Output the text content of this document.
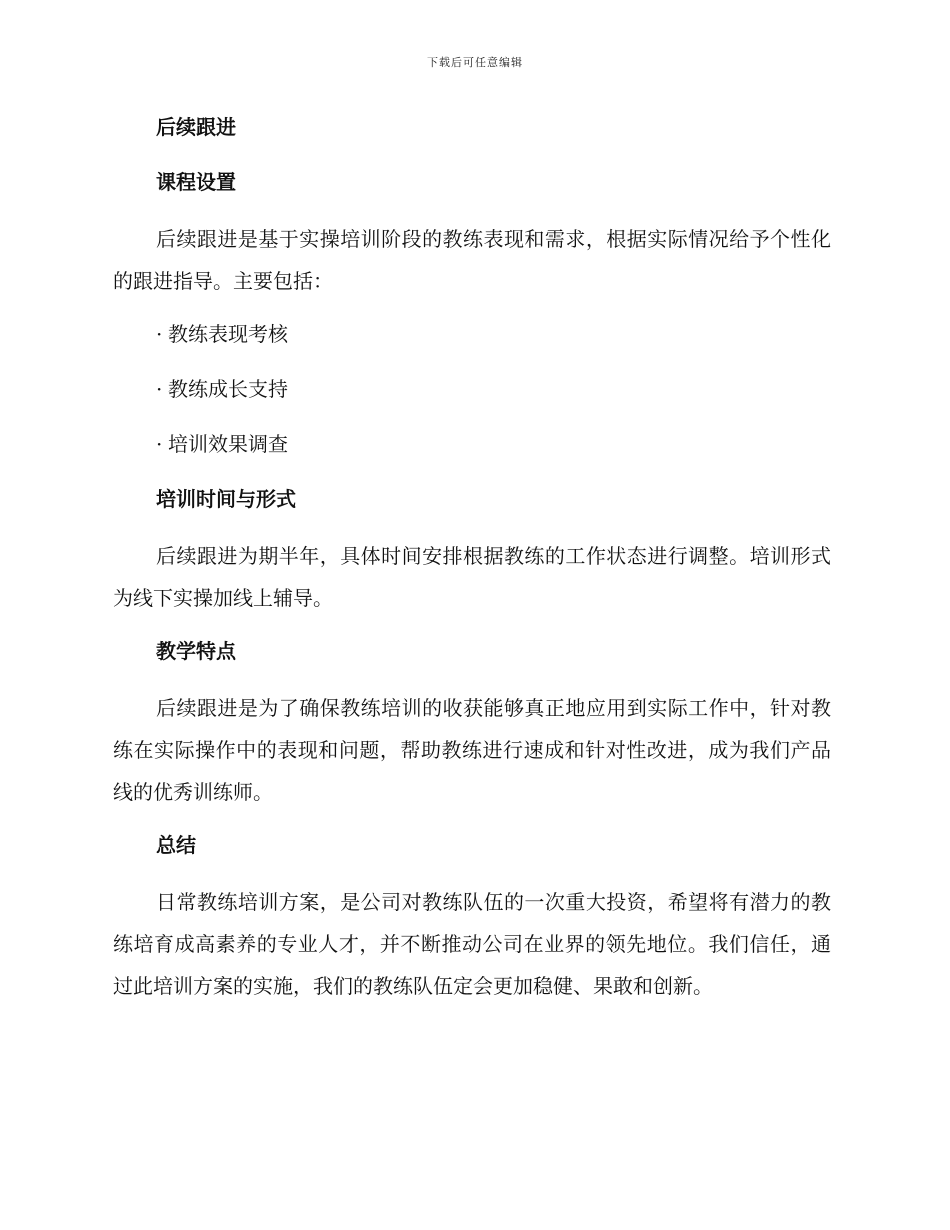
下载后可任意编辑
后续跟进
课程设置
后续跟进是基于实操培训阶段的教练表现和需求，根据实际情况给予个性化的跟进指导。主要包括：
· 教练表现考核
· 教练成长支持
· 培训效果调查
培训时间与形式
后续跟进为期半年，具体时间安排根据教练的工作状态进行调整。培训形式为线下实操加线上辅导。
教学特点
后续跟进是为了确保教练培训的收获能够真正地应用到实际工作中，针对教练在实际操作中的表现和问题，帮助教练进行速成和针对性改进，成为我们产品线的优秀训练师。
总结
日常教练培训方案，是公司对教练队伍的一次重大投资，希望将有潜力的教练培育成高素养的专业人才，并不断推动公司在业界的领先地位。我们信任，通过此培训方案的实施，我们的教练队伍定会更加稳健、果敢和创新。
